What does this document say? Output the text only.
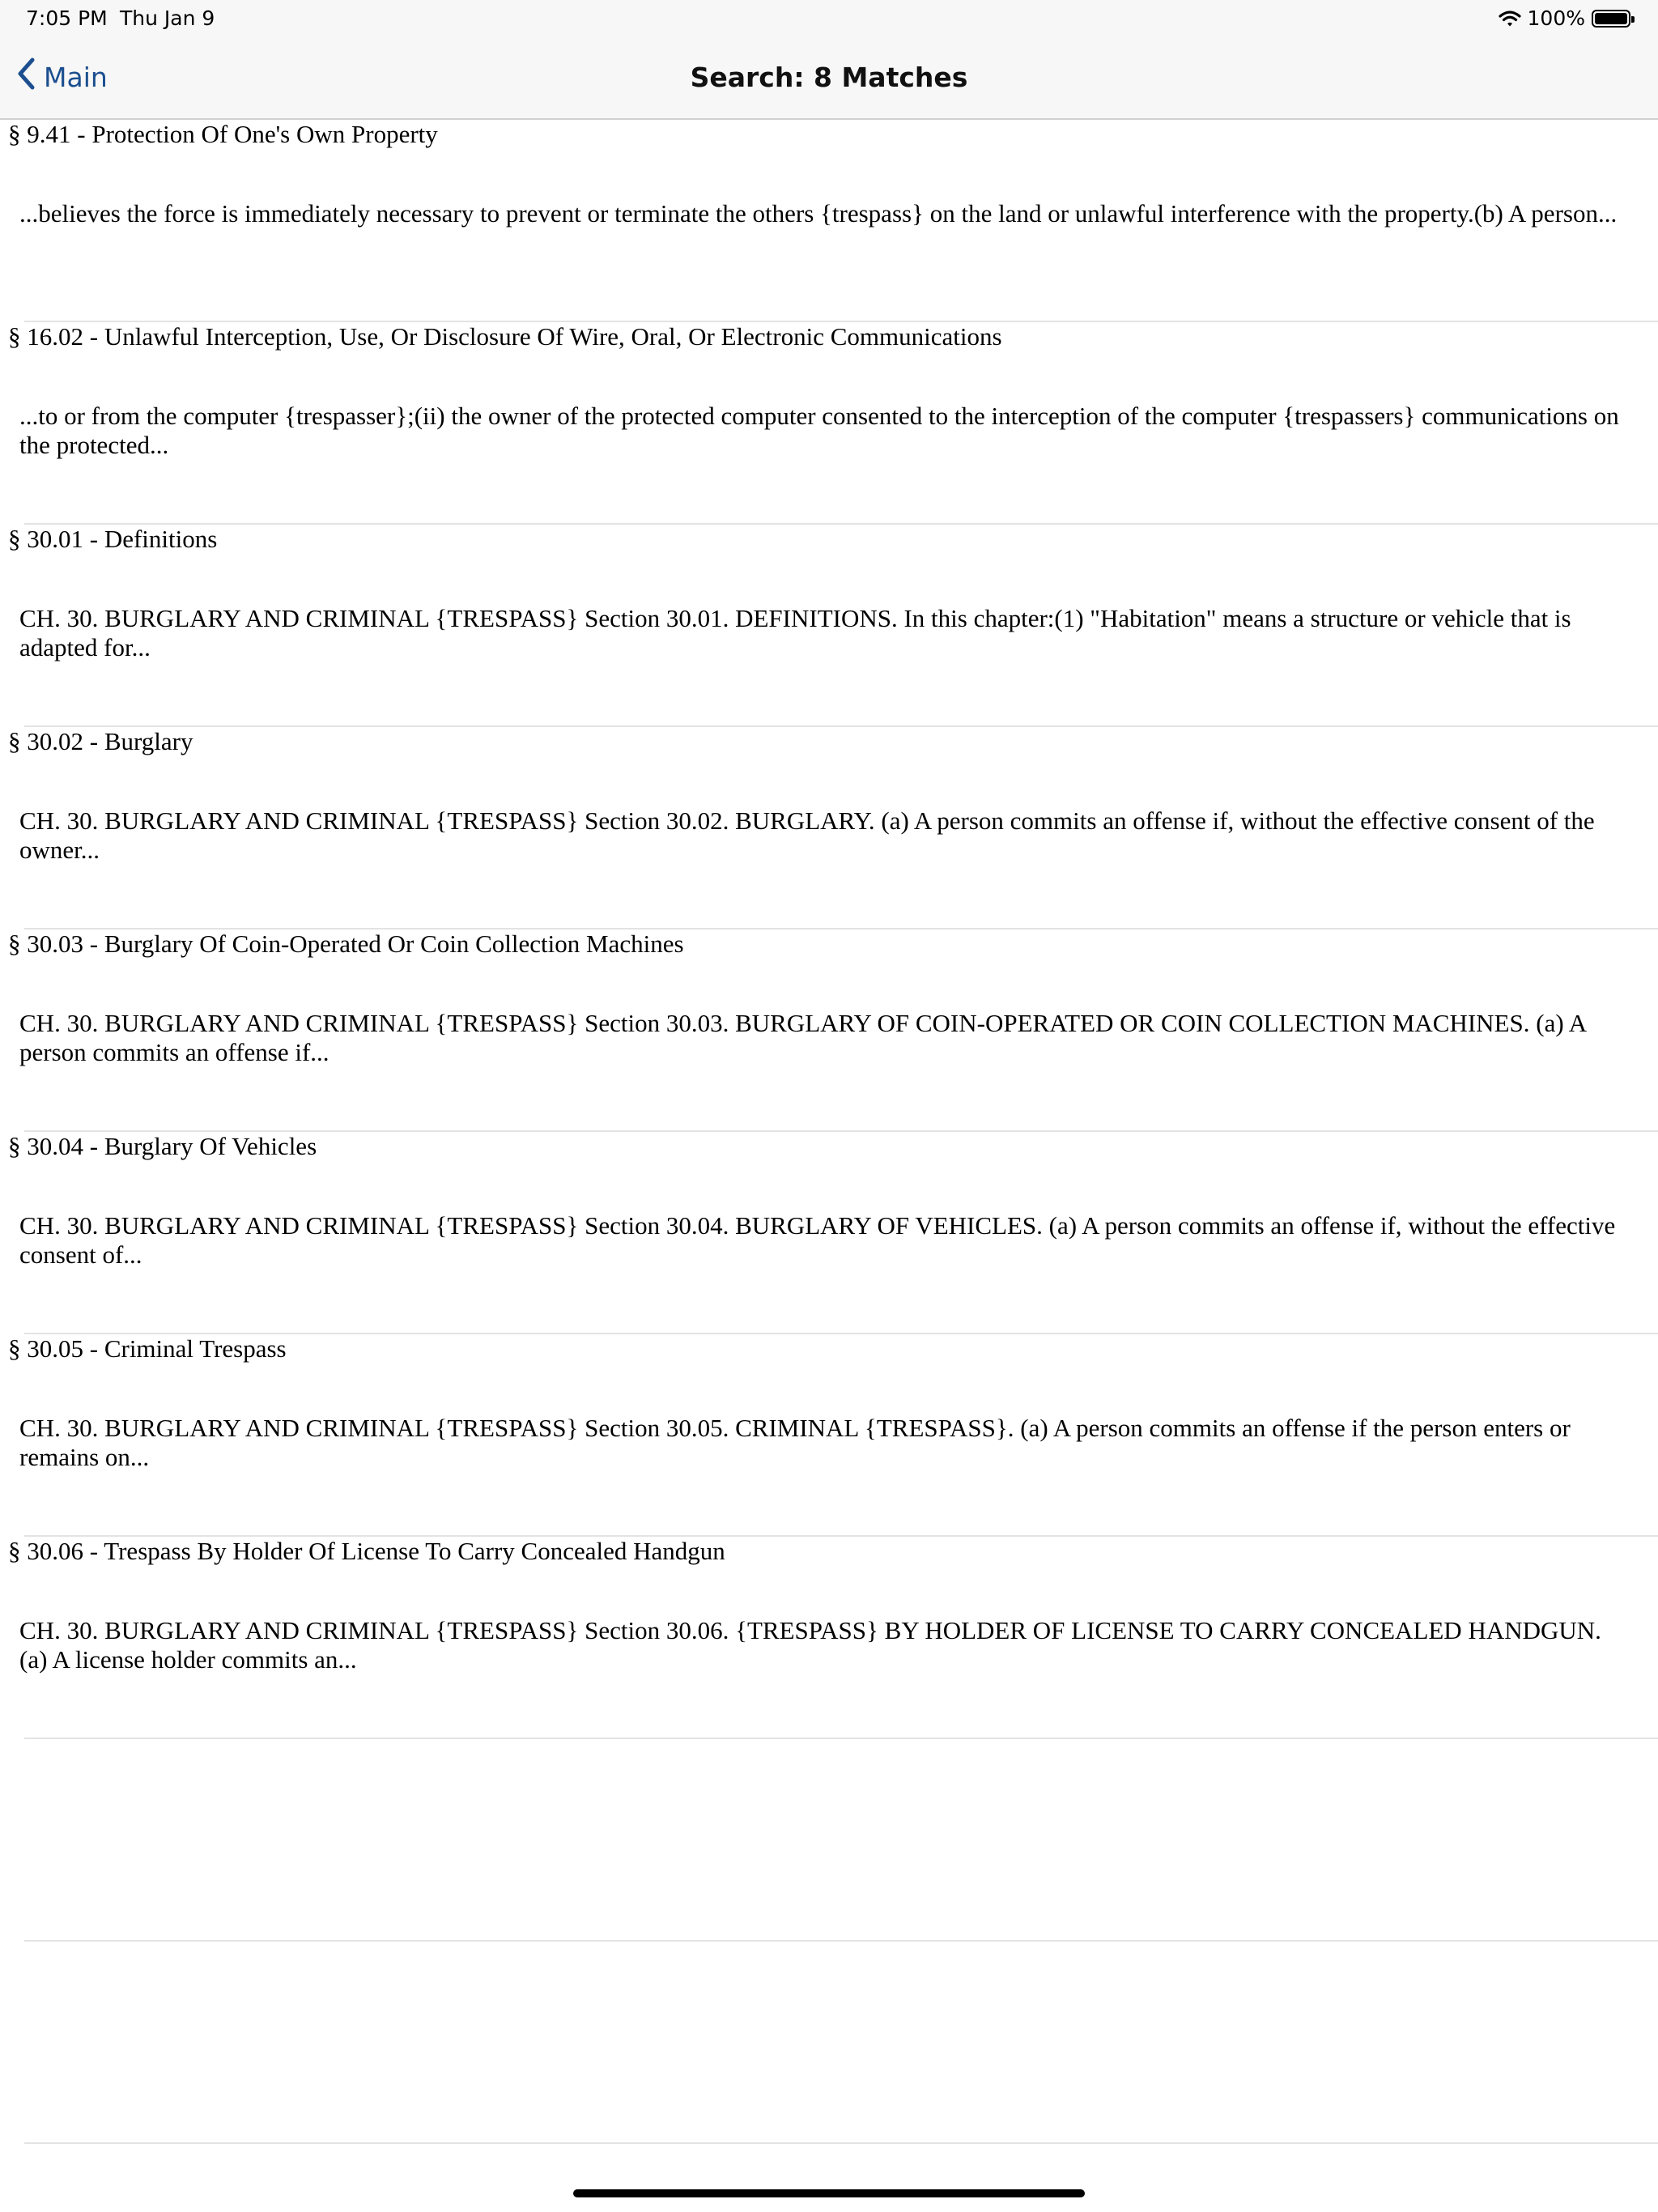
7:05 PM Thu Jan 9	100%
Main	Search: 8 Matches
§ 9.41 - Protection Of One's Own Property
...believes the force is immediately necessary to prevent or terminate the others {trespass} on the land or unlawful interference with the property.(b) A person...
§ 16.02 - Unlawful Interception, Use, Or Disclosure Of Wire, Oral, Or Electronic Communications
...to or from the computer {trespasser};(ii) the owner of the protected computer consented to the interception of the computer {trespassers} communications on the protected...
§ 30.01 - Definitions
CH. 30. BURGLARY AND CRIMINAL {TRESPASS} Section 30.01. DEFINITIONS. In this chapter:(1) "Habitation" means a structure or vehicle that is adapted for...
§ 30.02 - Burglary
CH. 30. BURGLARY AND CRIMINAL {TRESPASS} Section 30.02. BURGLARY. (a) A person commits an offense if, without the effective consent of the owner...
§ 30.03 - Burglary Of Coin-Operated Or Coin Collection Machines
CH. 30. BURGLARY AND CRIMINAL {TRESPASS} Section 30.03. BURGLARY OF COIN-OPERATED OR COIN COLLECTION MACHINES. (a) A person commits an offense if...
§ 30.04 - Burglary Of Vehicles
CH. 30. BURGLARY AND CRIMINAL {TRESPASS} Section 30.04. BURGLARY OF VEHICLES. (a) A person commits an offense if, without the effective consent of...
§ 30.05 - Criminal Trespass
CH. 30. BURGLARY AND CRIMINAL {TRESPASS} Section 30.05. CRIMINAL {TRESPASS}. (a) A person commits an offense if the person enters or remains on...
§ 30.06 - Trespass By Holder Of License To Carry Concealed Handgun
CH. 30. BURGLARY AND CRIMINAL {TRESPASS} Section 30.06. {TRESPASS} BY HOLDER OF LICENSE TO CARRY CONCEALED HANDGUN. (a) A license holder commits an...
